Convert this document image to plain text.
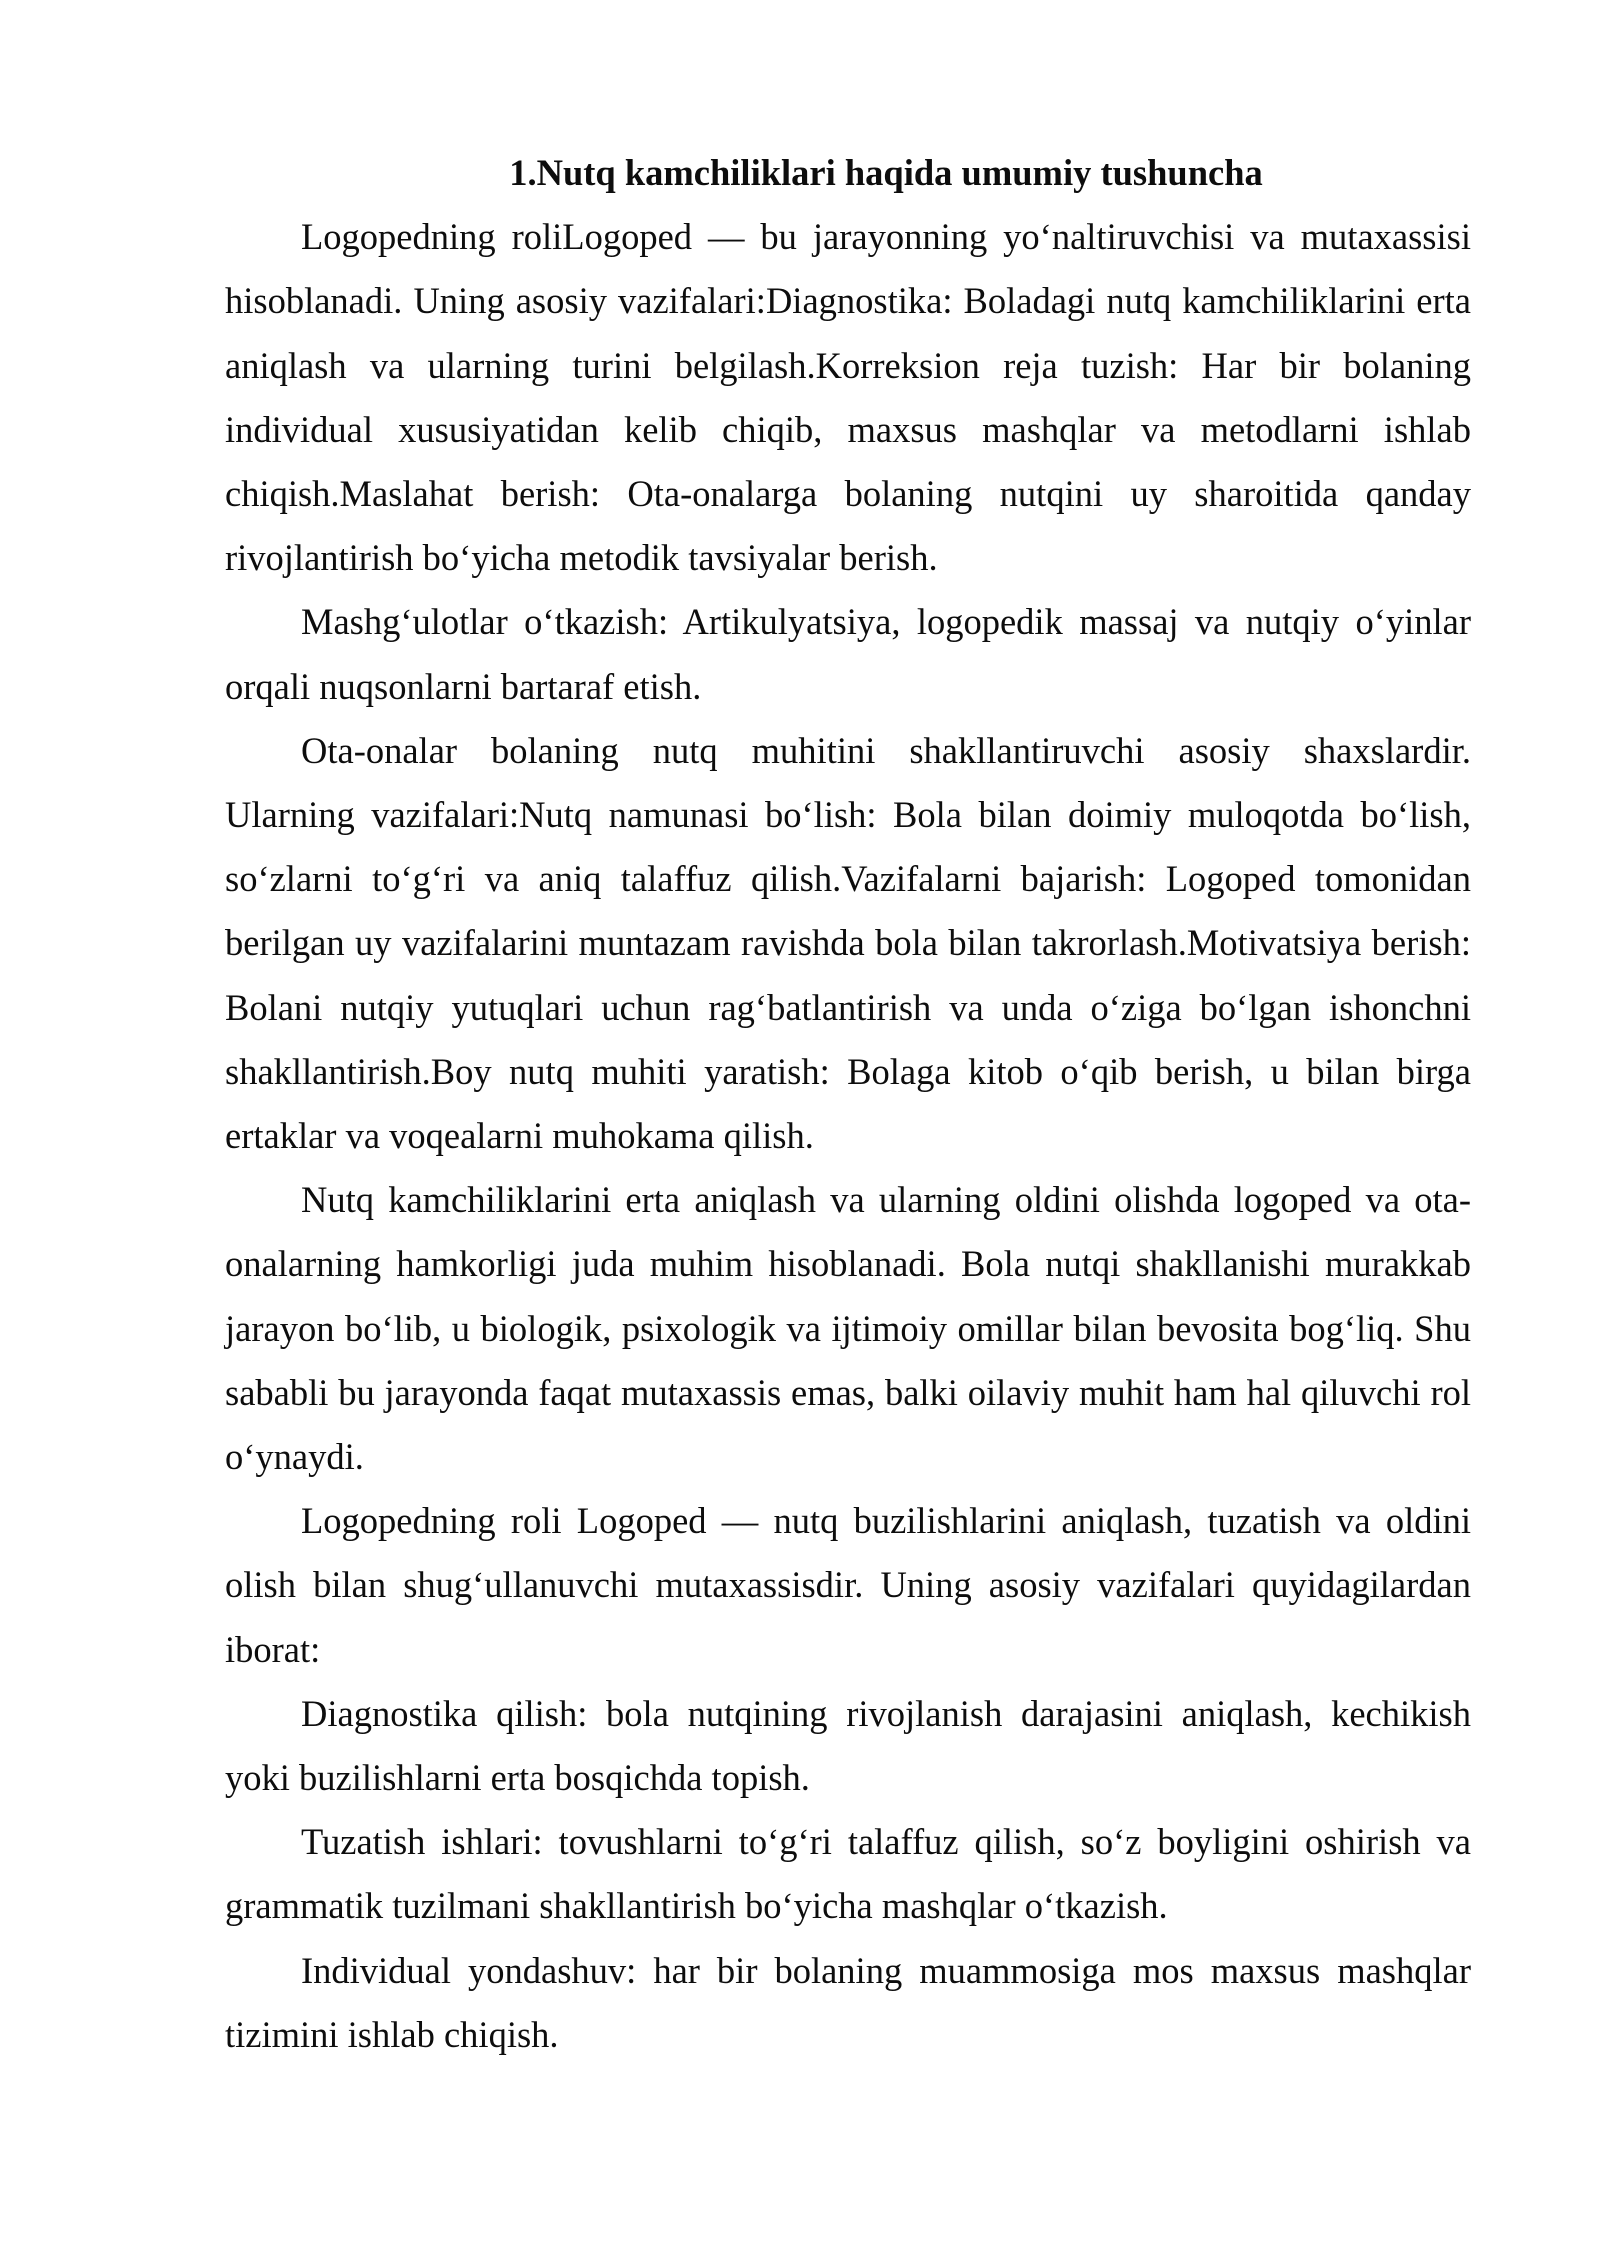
1.Nutq kamchiliklari haqida umumiy tushuncha
Logopedning roliLogoped — bu jarayonning yo‘naltiruvchisi va mutaxassisi
hisoblanadi. Uning asosiy vazifalari:Diagnostika: Boladagi nutq kamchiliklarini erta
aniqlash va ularning turini belgilash.Korreksion reja tuzish: Har bir bolaning
individual xususiyatidan kelib chiqib, maxsus mashqlar va metodlarni ishlab
chiqish.Maslahat berish: Ota-onalarga bolaning nutqini uy sharoitida qanday
rivojlantirish bo‘yicha metodik tavsiyalar berish.
Mashg‘ulotlar o‘tkazish: Artikulyatsiya, logopedik massaj va nutqiy o‘yinlar
orqali nuqsonlarni bartaraf etish.
Ota-onalar bolaning nutq muhitini shakllantiruvchi asosiy shaxslardir.
Ularning vazifalari:Nutq namunasi bo‘lish: Bola bilan doimiy muloqotda bo‘lish,
so‘zlarni to‘g‘ri va aniq talaffuz qilish.Vazifalarni bajarish: Logoped tomonidan
berilgan uy vazifalarini muntazam ravishda bola bilan takrorlash.Motivatsiya berish:
Bolani nutqiy yutuqlari uchun rag‘batlantirish va unda o‘ziga bo‘lgan ishonchni
shakllantirish.Boy nutq muhiti yaratish: Bolaga kitob o‘qib berish, u bilan birga
ertaklar va voqealarni muhokama qilish.
Nutq kamchiliklarini erta aniqlash va ularning oldini olishda logoped va ota-
onalarning hamkorligi juda muhim hisoblanadi. Bola nutqi shakllanishi murakkab
jarayon bo‘lib, u biologik, psixologik va ijtimoiy omillar bilan bevosita bog‘liq. Shu
sababli bu jarayonda faqat mutaxassis emas, balki oilaviy muhit ham hal qiluvchi rol
o‘ynaydi.
Logopedning roli Logoped — nutq buzilishlarini aniqlash, tuzatish va oldini
olish bilan shug‘ullanuvchi mutaxassisdir. Uning asosiy vazifalari quyidagilardan
iborat:
Diagnostika qilish: bola nutqining rivojlanish darajasini aniqlash, kechikish
yoki buzilishlarni erta bosqichda topish.
Tuzatish ishlari: tovushlarni to‘g‘ri talaffuz qilish, so‘z boyligini oshirish va
grammatik tuzilmani shakllantirish bo‘yicha mashqlar o‘tkazish.
Individual yondashuv: har bir bolaning muammosiga mos maxsus mashqlar
tizimini ishlab chiqish.
